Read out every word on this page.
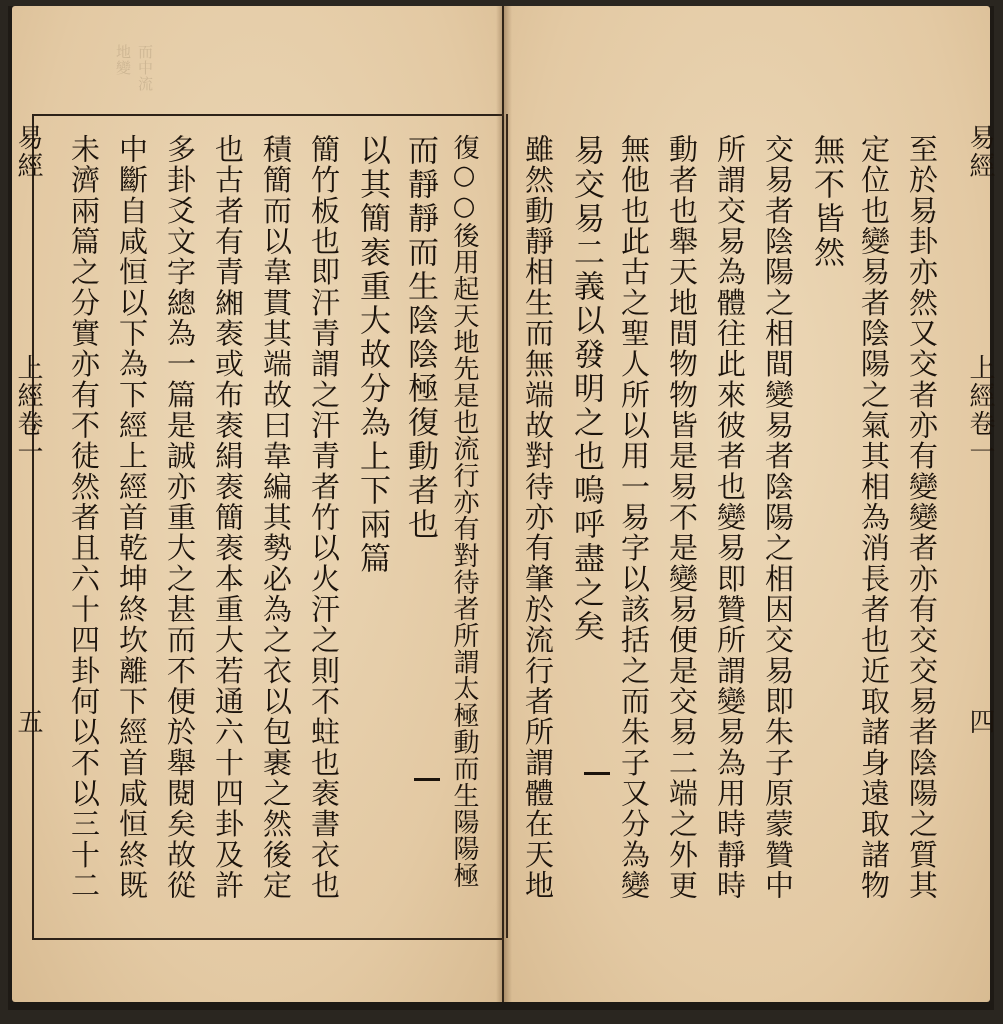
而中流地變
易經
上經卷一
五	復○○後用起天地先是也流行亦有對待者所謂太極動而生陽陽極
而靜靜而生陰陰極復動者也
以其簡袠重大故分為上下兩篇
簡竹板也即汗青謂之汗青者竹以火汗之則不蛀也袠書衣也
積簡而以韋貫其端故曰韋編其勢必為之衣以包裹之然後定
也古者有青緗袠或布袠絹袠簡袠本重大若通六十四卦及許
多卦爻文字總為一篇是誠亦重大之甚而不便於舉閱矣故從
中斷自咸恒以下為下經上經首乾坤終坎離下經首咸恒終既
未濟兩篇之分實亦有不徒然者且六十四卦何以不以三十二	易經
上經卷一
四
至於易卦亦然又交者亦有變變者亦有交交易者陰陽之質其
定位也變易者陰陽之氣其相為消長者也近取諸身遠取諸物
無不皆然
交易者陰陽之相間變易者陰陽之相因交易即朱子原蒙贊中
所謂交易為體往此來彼者也變易即贊所謂變易為用時靜時
動者也舉天地間物物皆是易不是變易便是交易二端之外更
無他也此古之聖人所以用一易字以該括之而朱子又分為變
易交易二義以發明之也嗚呼盡之矣
雖然動靜相生而無端故對待亦有肇於流行者所謂體在天地
